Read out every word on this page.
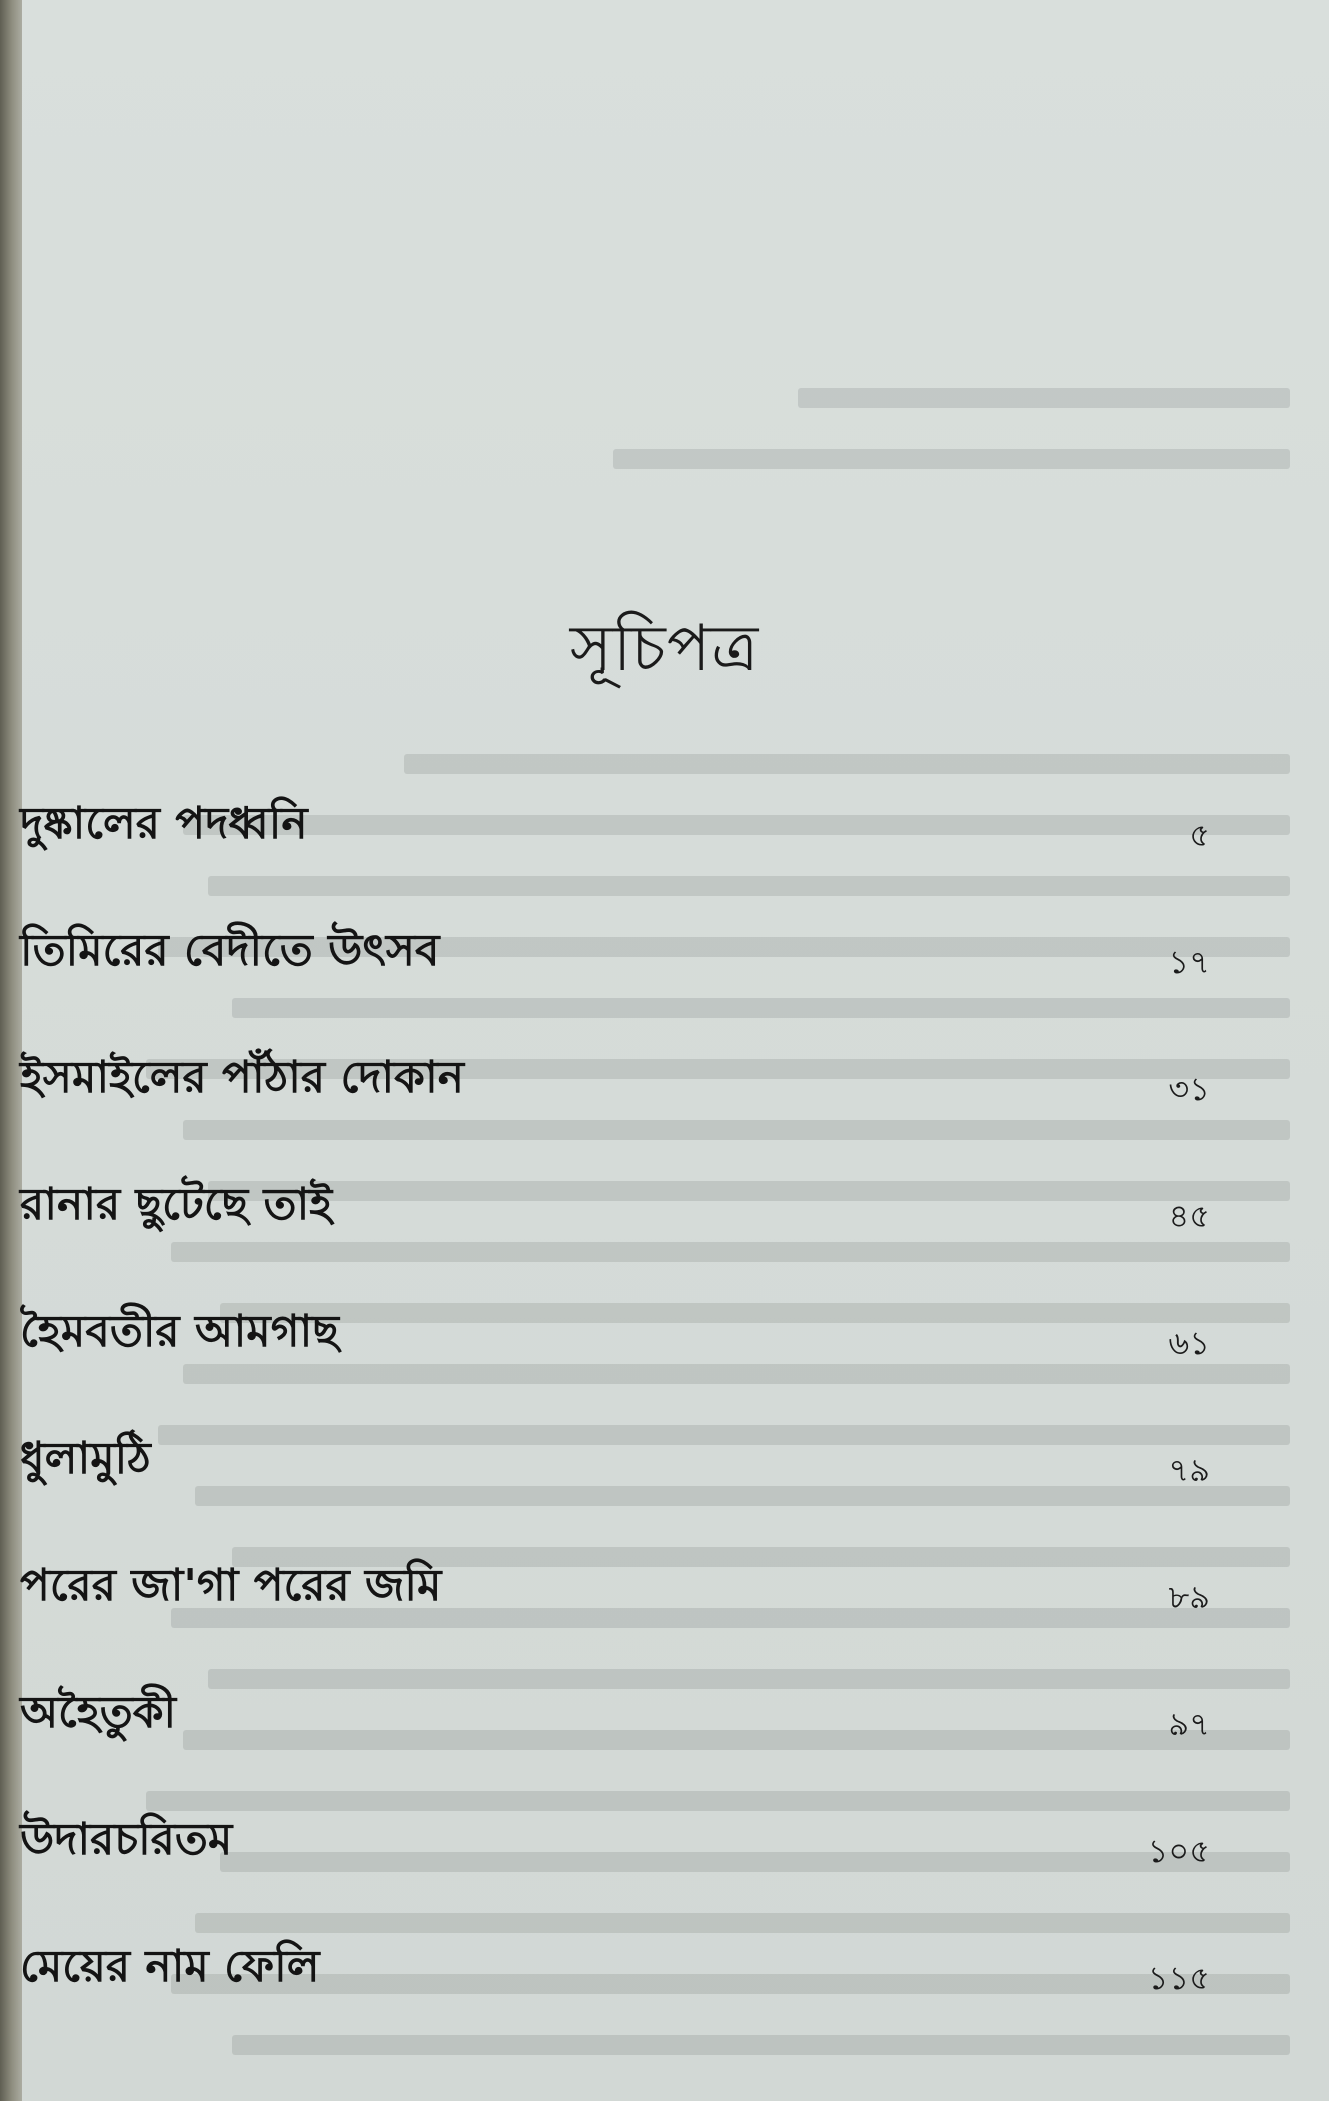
সূচিপত্র
দুষ্কালের পদধ্বনি	৫
তিমিরের বেদীতে উৎসব	১৭
ইসমাইলের পাঁঠার দোকান	৩১
রানার ছুটেছে তাই	৪৫
হৈমবতীর আমগাছ	৬১
ধুলামুঠি	৭৯
পরের জা'গা পরের জমি	৮৯
অহৈতুকী	৯৭
উদারচরিতম	১০৫
মেয়ের নাম ফেলি	১১৫
